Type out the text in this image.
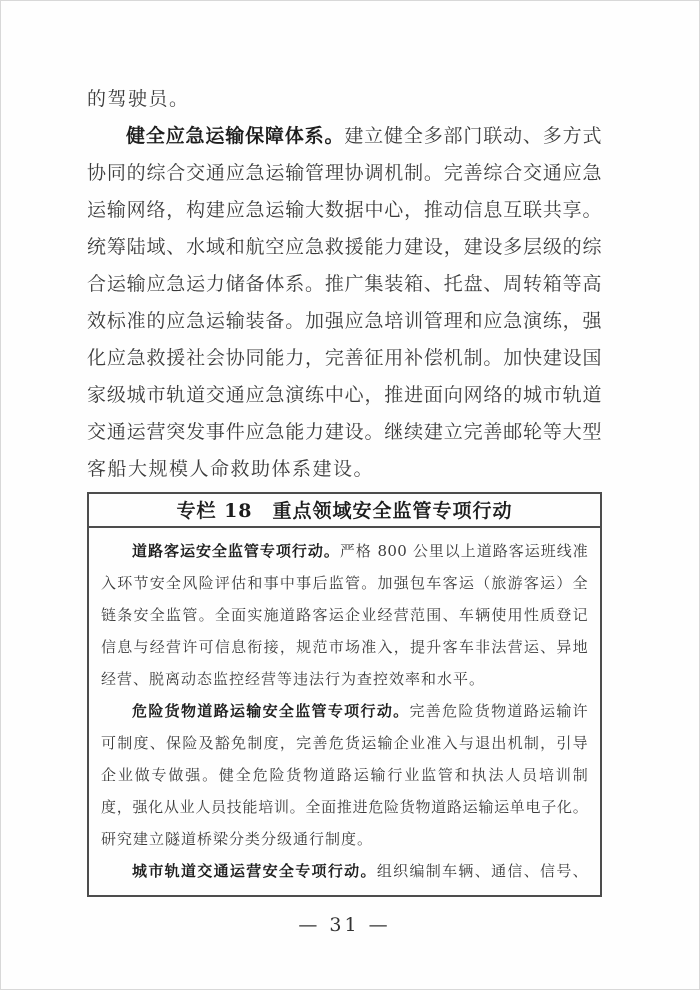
的驾驶员。
健全应急运输保障体系。建立健全多部门联动、多方式
协同的综合交通应急运输管理协调机制。完善综合交通应急
运输网络，构建应急运输大数据中心，推动信息互联共享。
统筹陆域、水域和航空应急救援能力建设，建设多层级的综
合运输应急运力储备体系。推广集装箱、托盘、周转箱等高
效标准的应急运输装备。加强应急培训管理和应急演练，强
化应急救援社会协同能力，完善征用补偿机制。加快建设国
家级城市轨道交通应急演练中心，推进面向网络的城市轨道
交通运营突发事件应急能力建设。继续建立完善邮轮等大型
客船大规模人命救助体系建设。
专栏 18　重点领域安全监管专项行动
道路客运安全监管专项行动。严格 800 公里以上道路客运班线准
入环节安全风险评估和事中事后监管。加强包车客运（旅游客运）全
链条安全监管。全面实施道路客运企业经营范围、车辆使用性质登记
信息与经营许可信息衔接，规范市场准入，提升客车非法营运、异地
经营、脱离动态监控经营等违法行为查控效率和水平。
危险货物道路运输安全监管专项行动。完善危险货物道路运输许
可制度、保险及豁免制度，完善危货运输企业准入与退出机制，引导
企业做专做强。健全危险货物道路运输行业监管和执法人员培训制
度，强化从业人员技能培训。全面推进危险货物道路运输运单电子化。
研究建立隧道桥梁分类分级通行制度。
城市轨道交通运营安全专项行动。组织编制车辆、通信、信号、
— 31 —
